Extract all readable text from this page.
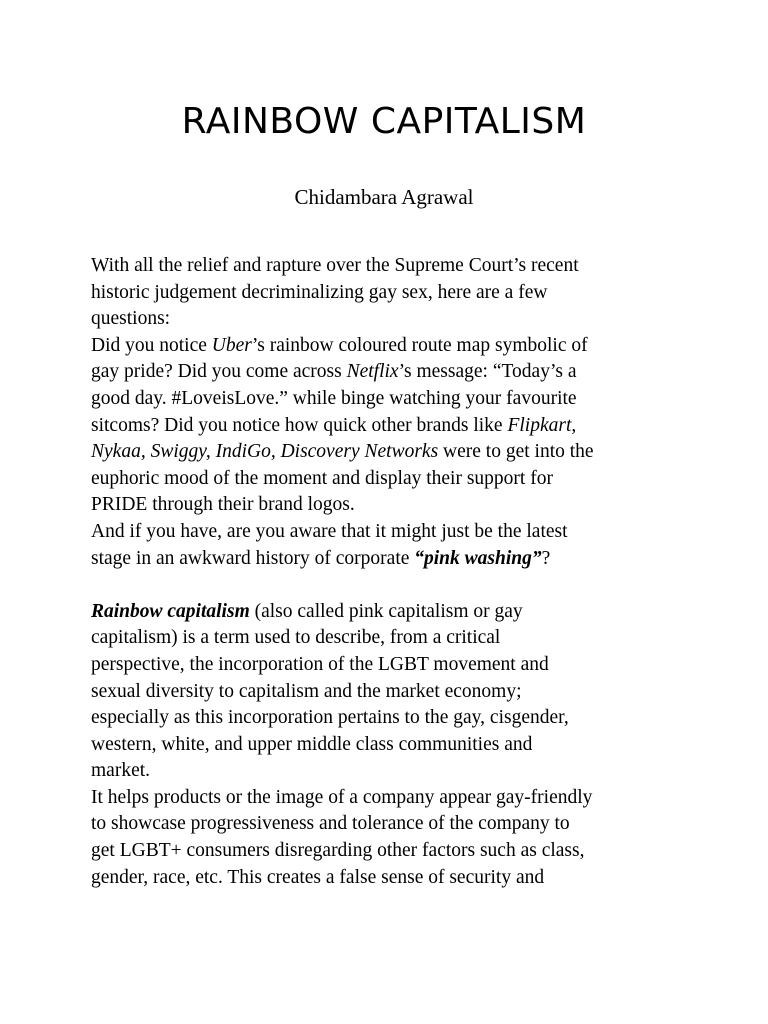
RAINBOW CAPITALISM
Chidambara Agrawal
With all the relief and rapture over the Supreme Court’s recent
historic judgement decriminalizing gay sex, here are a few
questions:
Did you notice Uber’s rainbow coloured route map symbolic of
gay pride? Did you come across Netflix’s message: “Today’s a
good day. #LoveisLove.” while binge watching your favourite
sitcoms? Did you notice how quick other brands like Flipkart,
Nykaa, Swiggy, IndiGo, Discovery Networks were to get into the
euphoric mood of the moment and display their support for
PRIDE through their brand logos.
And if you have, are you aware that it might just be the latest
stage in an awkward history of corporate “pink washing”?
Rainbow capitalism (also called pink capitalism or gay
capitalism) is a term used to describe, from a critical
perspective, the incorporation of the LGBT movement and
sexual diversity to capitalism and the market economy;
especially as this incorporation pertains to the gay, cisgender,
western, white, and upper middle class communities and
market.
It helps products or the image of a company appear gay-friendly
to showcase progressiveness and tolerance of the company to
get LGBT+ consumers disregarding other factors such as class,
gender, race, etc. This creates a false sense of security and
